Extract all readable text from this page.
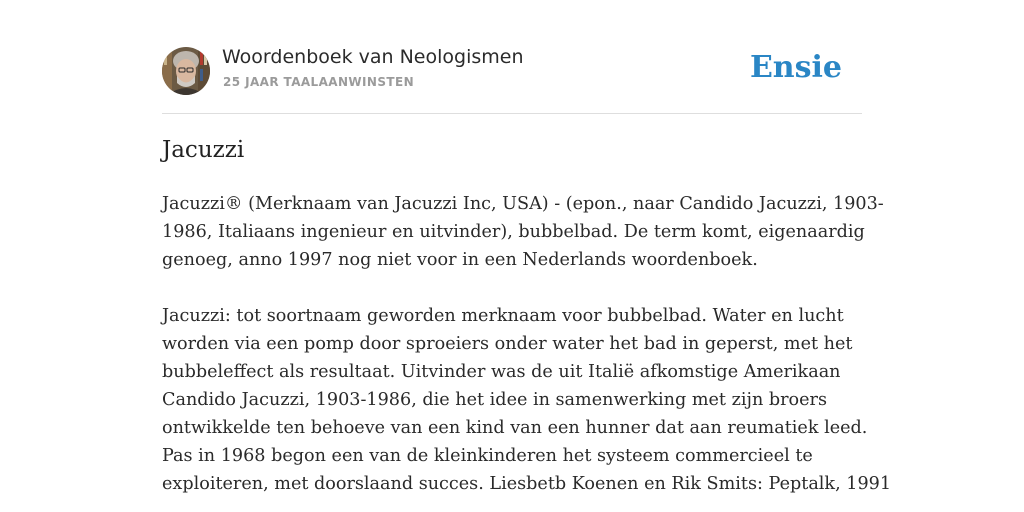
Woordenboek van Neologismen
25 JAAR TAALAANWINSTEN	Ensie
Jacuzzi

Jacuzzi® (Merknaam van Jacuzzi Inc, USA) - (epon., naar Candido Jacuzzi, 1903-
1986, Italiaans ingenieur en uitvinder), bubbelbad. De term komt, eigenaardig
genoeg, anno 1997 nog niet voor in een Nederlands woordenboek.

Jacuzzi: tot soortnaam geworden merknaam voor bubbelbad. Water en lucht
worden via een pomp door sproeiers onder water het bad in geperst, met het
bubbeleffect als resultaat. Uitvinder was de uit Italië afkomstige Amerikaan
Candido Jacuzzi, 1903-1986, die het idee in samenwerking met zijn broers
ontwikkelde ten behoeve van een kind van een hunner dat aan reumatiek leed.
Pas in 1968 begon een van de kleinkinderen het systeem commercieel te
exploiteren, met doorslaand succes. Liesbetb Koenen en Rik Smits: Peptalk, 1991
